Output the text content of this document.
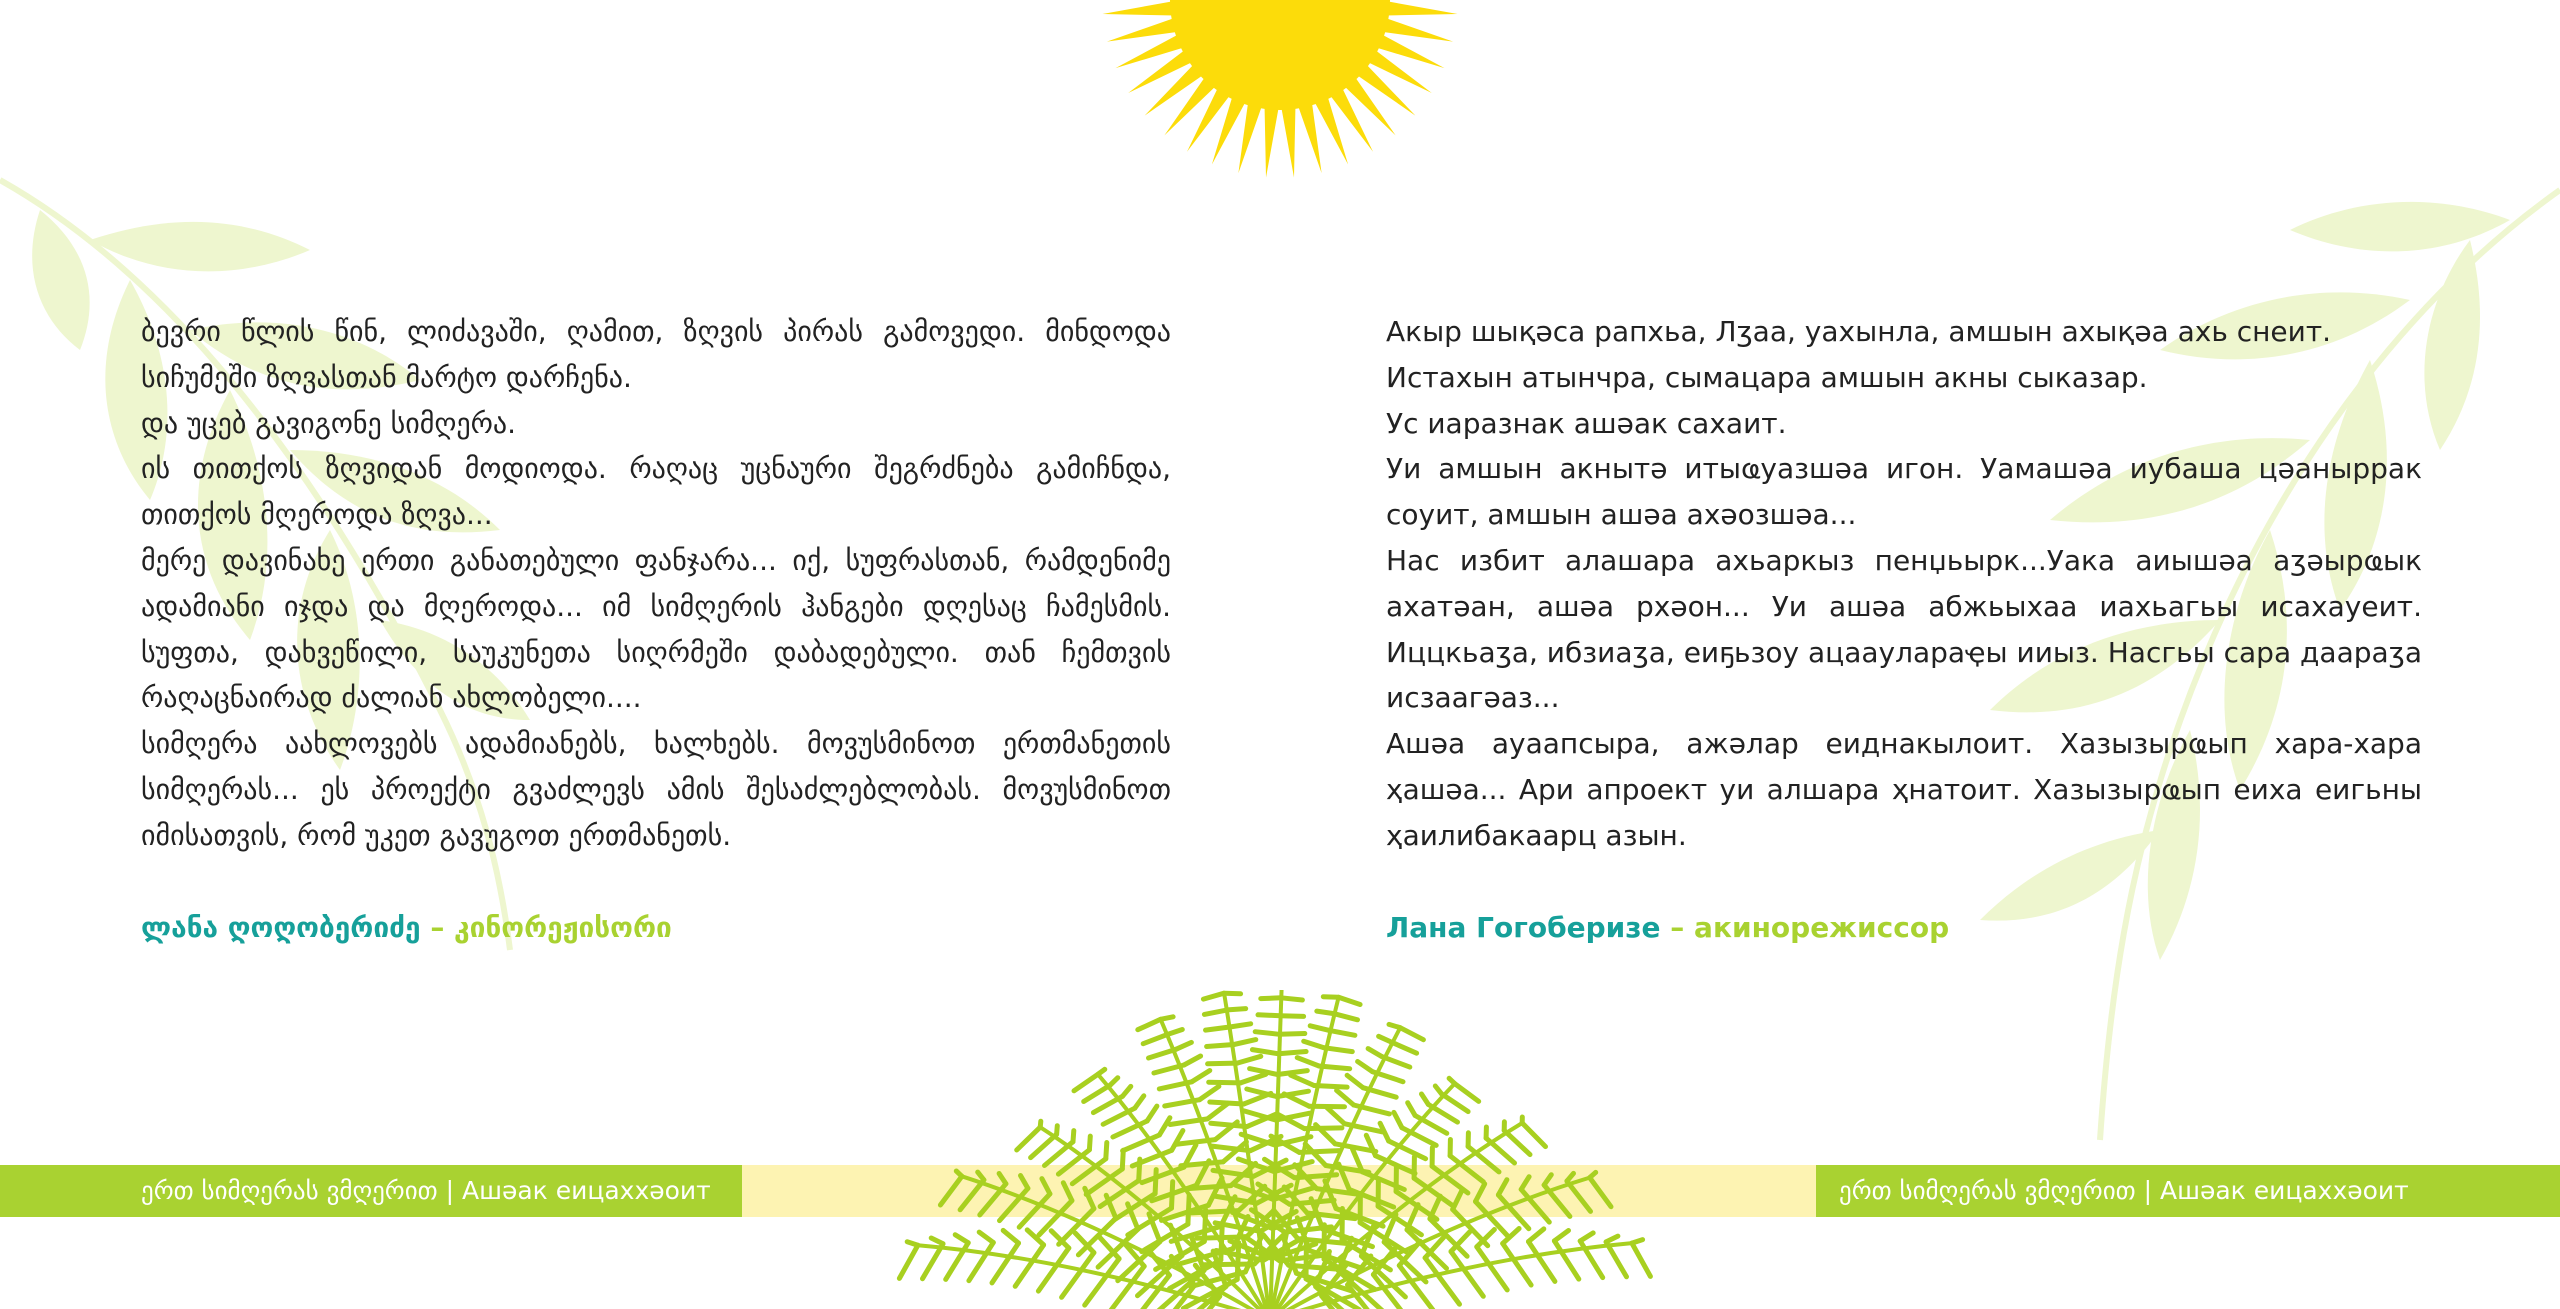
ერთ სიმღერას ვმღერით | Ашәак еицаххәоит	ერთ სიმღერას ვმღერით | Ашәак еицаххәоит

ბევრი წლის წინ, ლიძავაში, ღამით, ზღვის პირას გამოვედი. მინდოდა სიჩუმეში ზღვასთან მარტო დარჩენა.

და უცებ გავიგონე სიმღერა.

ის თითქოს ზღვიდან მოდიოდა. რაღაც უცნაური შეგრძნება გამიჩნდა, თითქოს მღეროდა ზღვა...

მერე დავინახე ერთი განათებული ფანჯარა... იქ, სუფრასთან, რამდენიმე ადამიანი იჯდა და მღეროდა... იმ სიმღერის ჰანგები დღესაც ჩამესმის. სუფთა, დახვეწილი, საუკუნეთა სიღრმეში დაბადებული. თან ჩემთვის რაღაცნაირად ძალიან ახლობელი....

სიმღერა აახლოვებს ადამიანებს, ხალხებს. მოვუსმინოთ ერთმანეთის სიმღერას... ეს პროექტი გვაძლევს ამის შესაძლებლობას. მოვუსმინოთ იმისათვის, რომ უკეთ გავუგოთ ერთმანეთს.

ლანა ღოღობერიძე – კინორეჟისორი

Акыр шықәса рапхьа, Лӡаа, уахынла, амшын ахықәа ахь снеит.

Истахын атынчра, сымацара амшын акны сыказар.

Ус иаразнак ашәак сахаит.

Уи амшын акнытә итыҩуазшәа игон. Уамашәа иубаша цәаныррак соуит, амшын ашәа ахәозшәа...

Нас избит алашара ахьаркыз пенџьырк...Уака аиышәа аӡәырҩык ахатәан, ашәа рхәон... Уи ашәа абжьыхаа иахьагьы исахауеит. Иццкьаӡа, ибзиаӡа, еиҕьзоу ацааулараҿы ииыз. Насгьы сара даараӡа исзаагәаз...

Ашәа ауаапсыра, ажәлар еиднакылоит. Хазызырҩып хара-хара ҳашәа... Ари апроект уи алшара ҳнатоит. Хазызырҩып еиха еигьны ҳаилибакаарц азын.

Лана Гогоберизе – акинорежиссор
